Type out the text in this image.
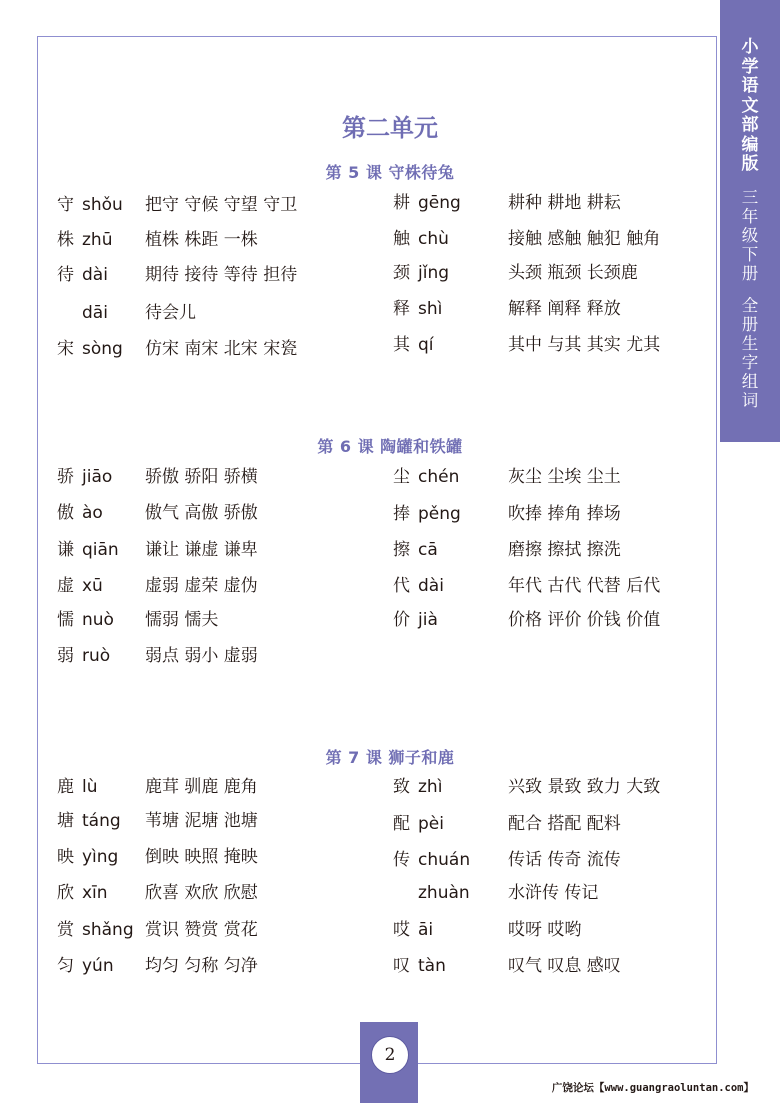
小
学
语
文
部
编
版
三
年
级
下
册
全
册
生
字
组
词
第二单元
第 5 课 守株待兔
守 shǒu 把守 守候 守望 守卫
株 zhū 植株 株距 一株
待 dài 期待 接待 等待 担待
dāi 待会儿
宋 sòng 仿宋 南宋 北宋 宋瓷
耕 gēng	耕种 耕地 耕耘
触 chù	接触 感触 触犯 触角
颈 jǐng	头颈 瓶颈 长颈鹿
释 shì	解释 阐释 释放
其 qí	其中 与其 其实 尤其
第 6 课 陶罐和铁罐
骄 jiāo 骄傲 骄阳 骄横
傲 ào 傲气 高傲 骄傲
谦 qiān 谦让 谦虚 谦卑
虚 xū 虚弱 虚荣 虚伪
懦 nuò 懦弱 懦夫
弱 ruò 弱点 弱小 虚弱
尘 chén	灰尘 尘埃 尘土
捧 pěng	吹捧 捧角 捧场
擦 cā	磨擦 擦拭 擦洗
代 dài	年代 古代 代替 后代
价 jià	价格 评价 价钱 价值
第 7 课 狮子和鹿
鹿 lù	鹿茸 驯鹿 鹿角
塘 táng 苇塘 泥塘 池塘
映 yìng 倒映 映照 掩映
欣 xīn 欣喜 欢欣 欣慰
赏 shǎng 赏识 赞赏 赏花
匀 yún 均匀 匀称 匀净
致 zhì	兴致 景致 致力 大致
配 pèi	配合 搭配 配料
传 chuán 传话 传奇 流传
zhuàn 水浒传 传记
哎 āi	哎呀 哎哟
叹 tàn	叹气 叹息 感叹
2
广饶论坛【www.guangraoluntan.com】
